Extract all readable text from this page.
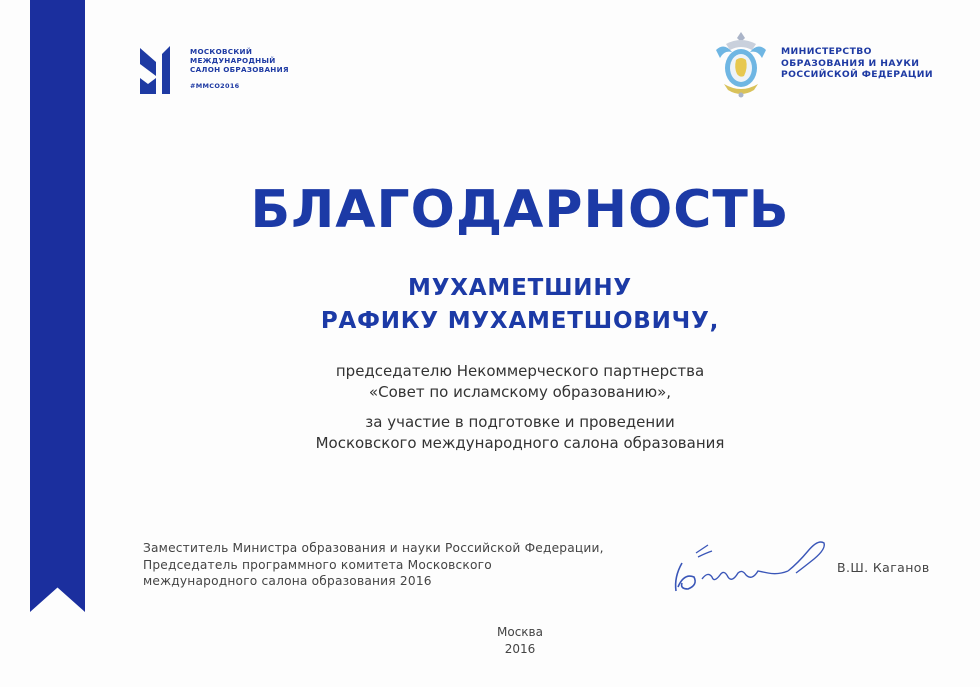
МОСКОВСКИЙ
МЕЖДУНАРОДНЫЙ
САЛОН ОБРАЗОВАНИЯ
#ММСО2016
МИНИСТЕРСТВО
ОБРАЗОВАНИЯ И НАУКИ
РОССИЙСКОЙ ФЕДЕРАЦИИ
БЛАГОДАРНОСТЬ
МУХАМЕТШИНУ
РАФИКУ МУХАМЕТШОВИЧУ,
председателю Некоммерческого партнерства
«Совет по исламскому образованию»,
за участие в подготовке и проведении
Московского международного салона образования
Заместитель Министра образования и науки Российской Федерации,
Председатель программного комитета Московского
международного салона образования 2016
В.Ш. Каганов
Москва
2016
